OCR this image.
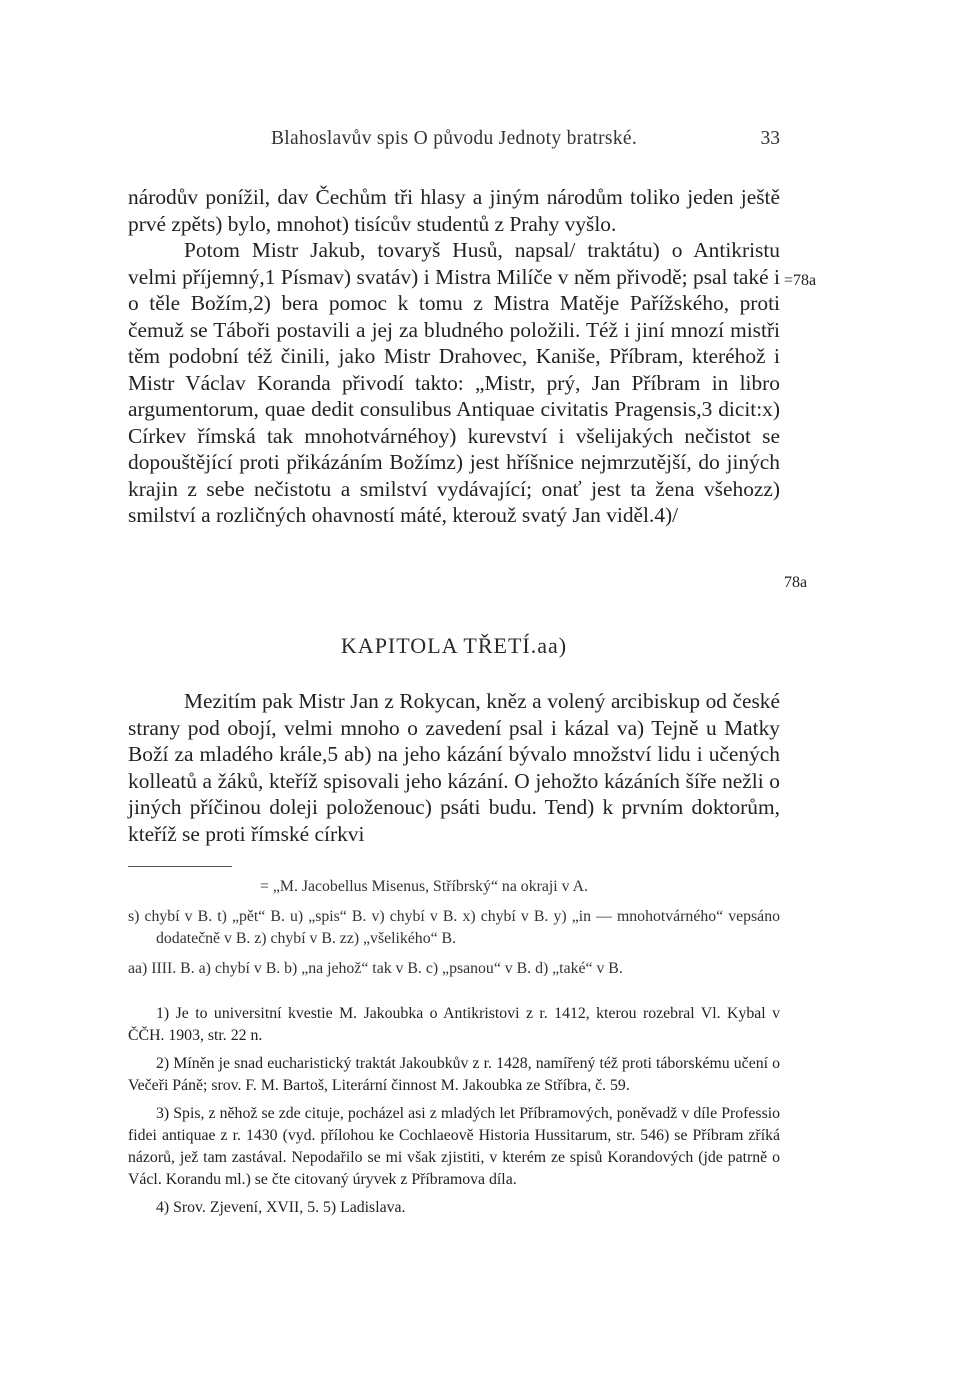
Blahoslavův spis O původu Jednoty bratrské.	33
=78a
78a

národův ponížil, dav Čechům tři hlasy a jiným národům toliko jeden ještě prvé zpěts) bylo, mnohot) tisícův studentů z Prahy vyšlo.

Potom Mistr Jakub, tovaryš Husů, napsal/ traktátu) o Antikristu velmi příjemný,1 Písmav) svatáv) i Mistra Milíče v něm přivodě; psal také i o těle Božím,2) bera pomoc k tomu z Mistra Matěje Pařížského, proti čemuž se Táboři postavili a jej za bludného položili. Též i jiní mnozí mistři těm podobní též činili, jako Mistr Drahovec, Kaniše, Příbram, kteréhož i Mistr Václav Koranda přivodí takto: „Mistr, prý, Jan Příbram in libro argumentorum, quae dedit consulibus Antiquae civitatis Pragensis,3 dicit:x) Církev římská tak mnohotvárnéhoy) kurevství i všelijakých nečistot se dopouštějící proti přikázáním Božímz) jest hříšnice nejmrzutější, do jiných krajin z sebe nečistotu a smilství vydávající; onať jest ta žena všehozz) smilství a rozličných ohavností máté, kterouž svatý Jan viděl.4)/

KAPITOLA TŘETÍ.aa)

Mezitím pak Mistr Jan z Rokycan, kněz a volený arcibiskup od české strany pod obojí, velmi mnoho o zavedení psal i kázal va) Tejně u Matky Boží za mladého krále,5 ab) na jeho kázání bývalo množství lidu i učených kolleatů a žáků, kteříž spisovali jeho kázání. O jehožto kázáních šíře nežli o jiných příčinou doleji položenouc) psáti budu. Tend) k prvním doktorům, kteříž se proti římské církvi

= „M. Jacobellus Misenus, Stříbrský“ na okraji v A.

s) chybí v B. t) „pět“ B. u) „spis“ B. v) chybí v B. x) chybí v B. y) „in — mnohotvárného“ vepsáno dodatečně v B. z) chybí v B. zz) „všelikého“ B.

aa) IIII. B. a) chybí v B. b) „na jehož“ tak v B. c) „psanou“ v B. d) „také“ v B.

1) Je to universitní kvestie M. Jakoubka o Antikristovi z r. 1412, kterou rozebral Vl. Kybal v ČČH. 1903, str. 22 n.

2) Míněn je snad eucharistický traktát Jakoubkův z r. 1428, namířený též proti táborskému učení o Večeři Páně; srov. F. M. Bartoš, Literární činnost M. Jakoubka ze Stříbra, č. 59.

3) Spis, z něhož se zde cituje, pocházel asi z mladých let Příbramových, poněvadž v díle Professio fidei antiquae z r. 1430 (vyd. přílohou ke Cochlaeově Historia Hussitarum, str. 546) se Příbram zříká názorů, jež tam zastával. Nepodařilo se mi však zjistiti, v kterém ze spisů Korandových (jde patrně o Václ. Korandu ml.) se čte citovaný úryvek z Příbramova díla.

4) Srov. Zjevení, XVII, 5. 5) Ladislava.
